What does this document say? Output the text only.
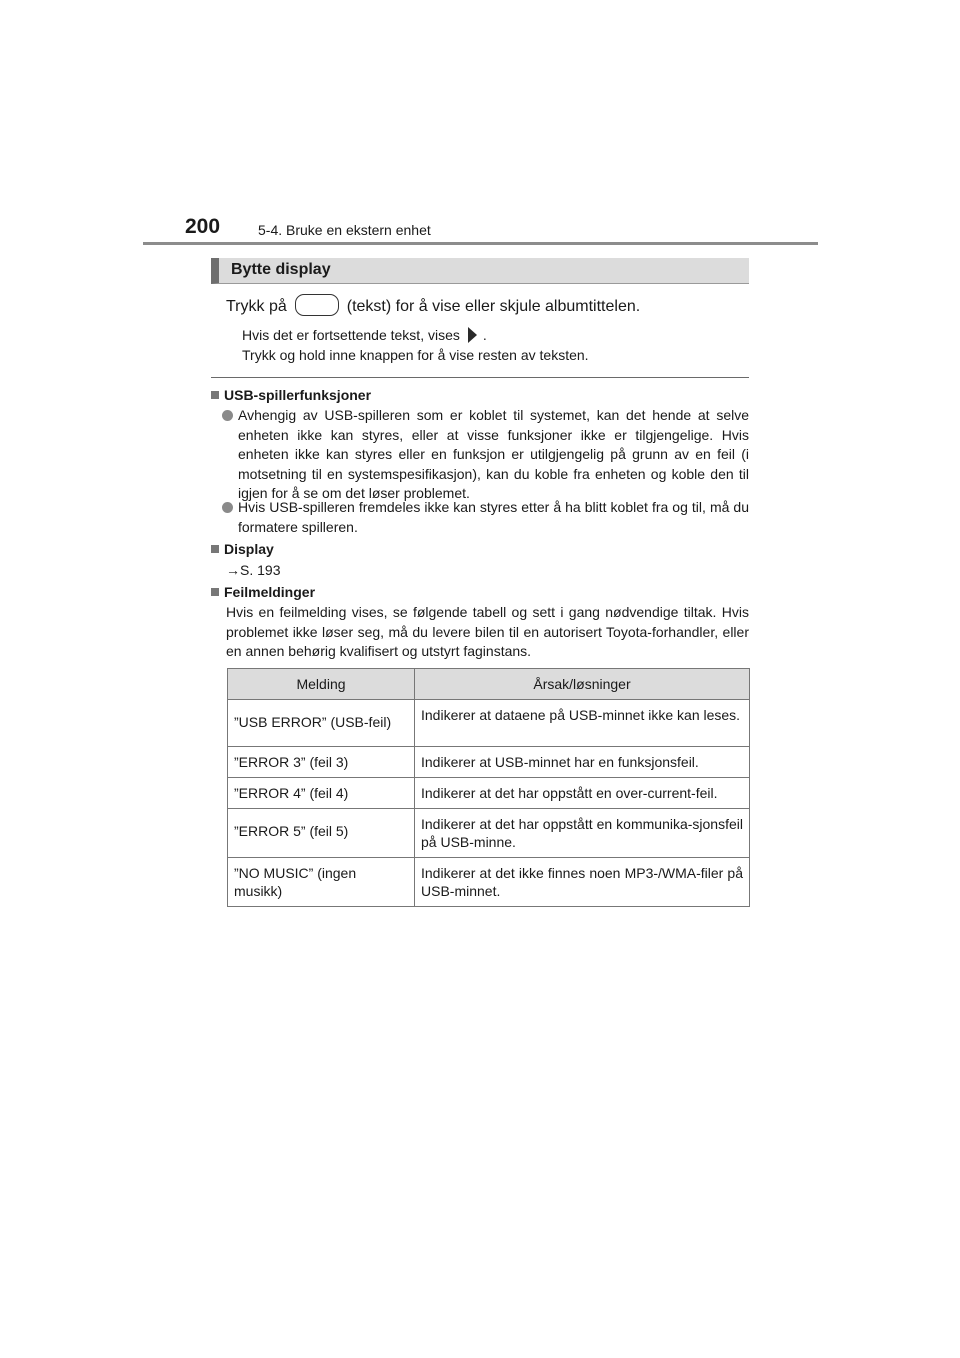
200	5-4. Bruke en ekstern enhet
Bytte display
Trykk på	(tekst) for å vise eller skjule albumtittelen.
Hvis det er fortsettende tekst, vises .
Trykk og hold inne knappen for å vise resten av teksten.
USB-spillerfunksjoner
Avhengig av USB-spilleren som er koblet til systemet, kan det hende at selve enheten ikke kan styres, eller at visse funksjoner ikke er tilgjengelige. Hvis enheten ikke kan styres eller en funksjon er utilgjengelig på grunn av en feil (i motsetning til en systemspesifikasjon), kan du koble fra enheten og koble den til igjen for å se om det løser problemet.
Hvis USB-spilleren fremdeles ikke kan styres etter å ha blitt koblet fra og til, må du formatere spilleren.
Display
→S. 193
Feilmeldinger
Hvis en feilmelding vises, se følgende tabell og sett i gang nødvendige tiltak. Hvis problemet ikke løser seg, må du levere bilen til en autorisert Toyota-forhandler, eller en annen behørig kvalifisert og utstyrt faginstans.
Melding	Årsak/løsninger
”USB ERROR” (USB-feil)	Indikerer at dataene på USB-minnet ikke kan leses.
”ERROR 3” (feil 3)	Indikerer at USB-minnet har en funksjonsfeil.
”ERROR 4” (feil 4)	Indikerer at det har oppstått en over-current-feil.
”ERROR 5” (feil 5)	Indikerer at det har oppstått en kommunika-sjonsfeil på USB-minne.
”NO MUSIC” (ingen musikk)	Indikerer at det ikke finnes noen MP3-/WMA-filer på USB-minnet.
